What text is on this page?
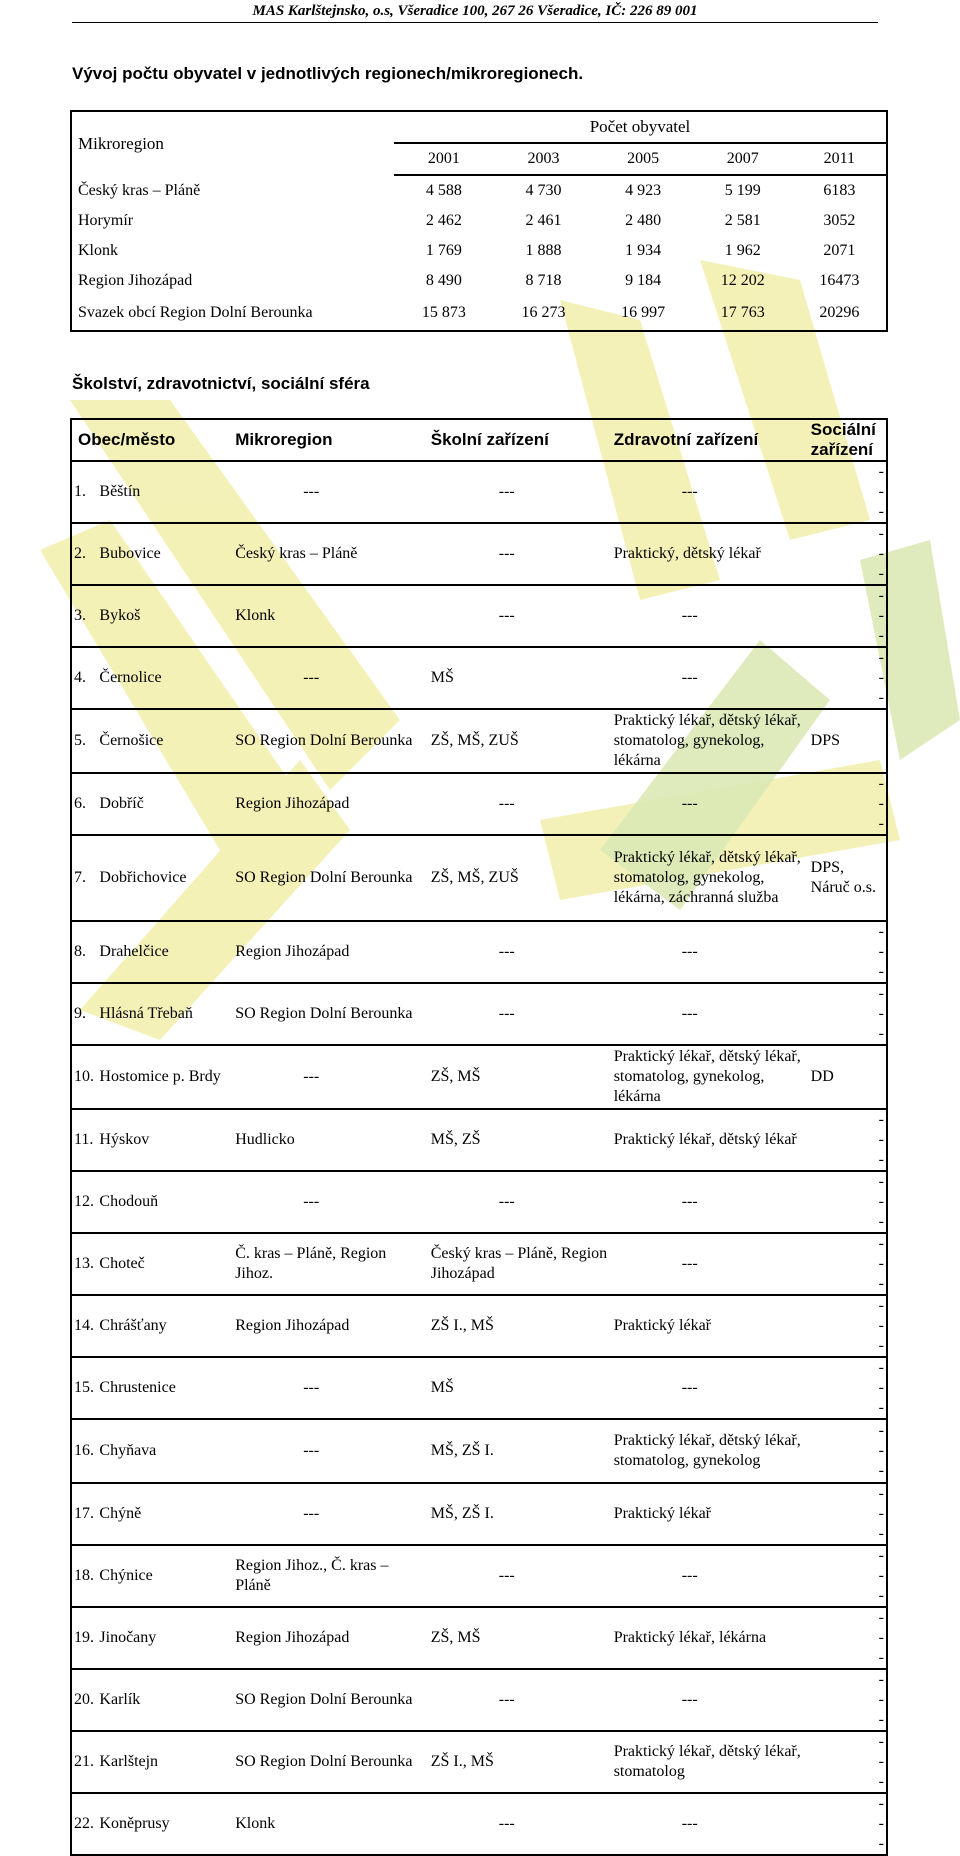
MAS Karlštejnsko, o.s, Všeradice 100, 267 26 Všeradice, IČ: 226 89 001
Vývoj počtu obyvatel v jednotlivých regionech/mikroregionech.
Mikroregion	Počet obyvatel				
	2001	2003	2005	2007	2011
Český kras – Pláně	4 588	4 730	4 923	5 199	6183
Horymír	2 462	2 461	2 480	2 581	3052
Klonk	1 769	1 888	1 934	1 962	2071
Region Jihozápad	8 490	8 718	9 184	12 202	16473
Svazek obcí Region Dolní Berounka	15 873	16 273	16 997	17 763	20296
Školství, zdravotnictví, sociální sféra
Obec/město		Mikroregion	Školní zařízení	Zdravotní zařízení	Sociální zařízení
1.	Běštín	---	---	---	---
2.	Bubovice	Český kras – Pláně	---	Praktický, dětský lékař	---
3.	Bykoš	Klonk	---	---	---
4.	Černolice	---	MŠ	---	---
5.	Černošice	SO Region Dolní Berounka	ZŠ, MŠ, ZUŠ	Praktický lékař, dětský lékař, stomatolog, gynekolog, lékárna	DPS
6.	Dobříč	Region Jihozápad	---	---	---
7.	Dobřichovice	SO Region Dolní Berounka	ZŠ, MŠ, ZUŠ	Praktický lékař, dětský lékař, stomatolog, gynekolog, lékárna, záchranná služba	DPS, Náruč o.s.
8.	Drahelčice	Region Jihozápad	---	---	---
9.	Hlásná Třebaň	SO Region Dolní Berounka	---	---	---
10.	Hostomice p. Brdy	---	ZŠ, MŠ	Praktický lékař, dětský lékař, stomatolog, gynekolog, lékárna	DD
11.	Hýskov	Hudlicko	MŠ, ZŠ	Praktický lékař, dětský lékař	---
12.	Chodouň	---	---	---	---
13.	Choteč	Č. kras – Pláně, Region Jihoz.	Český kras – Pláně, Region Jihozápad	---	---
14.	Chrášťany	Region Jihozápad	ZŠ I., MŠ	Praktický lékař	---
15.	Chrustenice	---	MŠ	---	---
16.	Chyňava	---	MŠ, ZŠ I.	Praktický lékař, dětský lékař, stomatolog, gynekolog	---
17.	Chýně	---	MŠ, ZŠ I.	Praktický lékař	---
18.	Chýnice	Region Jihoz., Č. kras – Pláně	---	---	---
19.	Jinočany	Region Jihozápad	ZŠ, MŠ	Praktický lékař, lékárna	---
20.	Karlík	SO Region Dolní Berounka	---	---	---
21.	Karlštejn	SO Region Dolní Berounka	ZŠ I., MŠ	Praktický lékař, dětský lékař, stomatolog	---
22.	Koněprusy	Klonk	---	---	---
